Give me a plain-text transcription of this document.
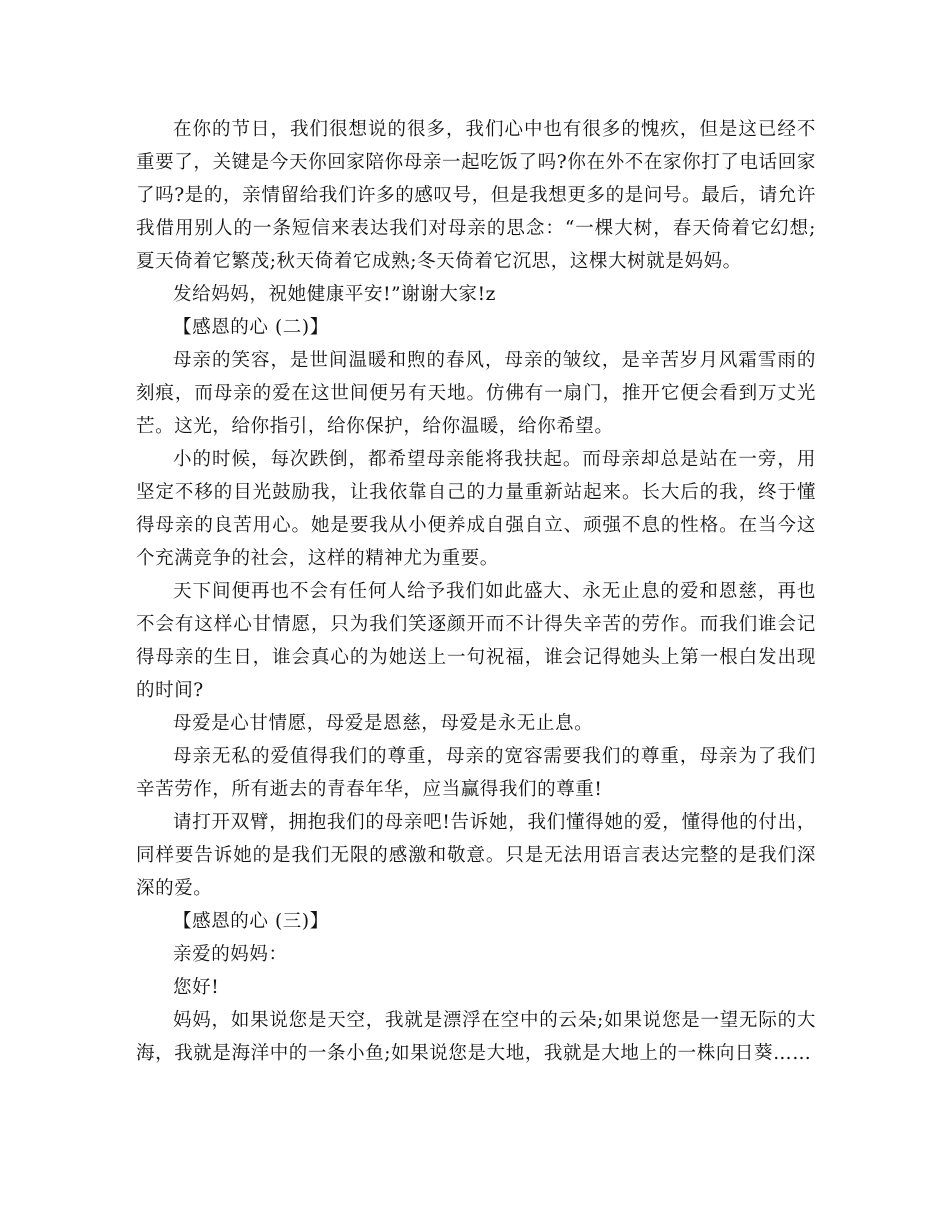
在你的节日，我们很想说的很多，我们心中也有很多的愧疚，但是这已经不重要了，关键是今天你回家陪你母亲一起吃饭了吗?你在外不在家你打了电话回家了吗?是的，亲情留给我们许多的感叹号，但是我想更多的是问号。最后，请允许我借用别人的一条短信来表达我们对母亲的思念：“一棵大树，春天倚着它幻想;夏天倚着它繁茂;秋天倚着它成熟;冬天倚着它沉思，这棵大树就是妈妈。

发给妈妈，祝她健康平安!”谢谢大家!z

【感恩的心 (二)】

母亲的笑容，是世间温暖和煦的春风，母亲的皱纹，是辛苦岁月风霜雪雨的刻痕，而母亲的爱在这世间便另有天地。仿佛有一扇门，推开它便会看到万丈光芒。这光，给你指引，给你保护，给你温暖，给你希望。

小的时候，每次跌倒，都希望母亲能将我扶起。而母亲却总是站在一旁，用坚定不移的目光鼓励我，让我依靠自己的力量重新站起来。长大后的我，终于懂得母亲的良苦用心。她是要我从小便养成自强自立、顽强不息的性格。在当今这个充满竞争的社会，这样的精神尤为重要。

天下间便再也不会有任何人给予我们如此盛大、永无止息的爱和恩慈，再也不会有这样心甘情愿，只为我们笑逐颜开而不计得失辛苦的劳作。而我们谁会记得母亲的生日，谁会真心的为她送上一句祝福，谁会记得她头上第一根白发出现的时间?

母爱是心甘情愿，母爱是恩慈，母爱是永无止息。

母亲无私的爱值得我们的尊重，母亲的宽容需要我们的尊重，母亲为了我们辛苦劳作，所有逝去的青春年华，应当赢得我们的尊重!

请打开双臂，拥抱我们的母亲吧!告诉她，我们懂得她的爱，懂得他的付出，同样要告诉她的是我们无限的感激和敬意。只是无法用语言表达完整的是我们深深的爱。

【感恩的心 (三)】

亲爱的妈妈：

您好!

妈妈，如果说您是天空，我就是漂浮在空中的云朵;如果说您是一望无际的大海，我就是海洋中的一条小鱼;如果说您是大地，我就是大地上的一株向日葵……
